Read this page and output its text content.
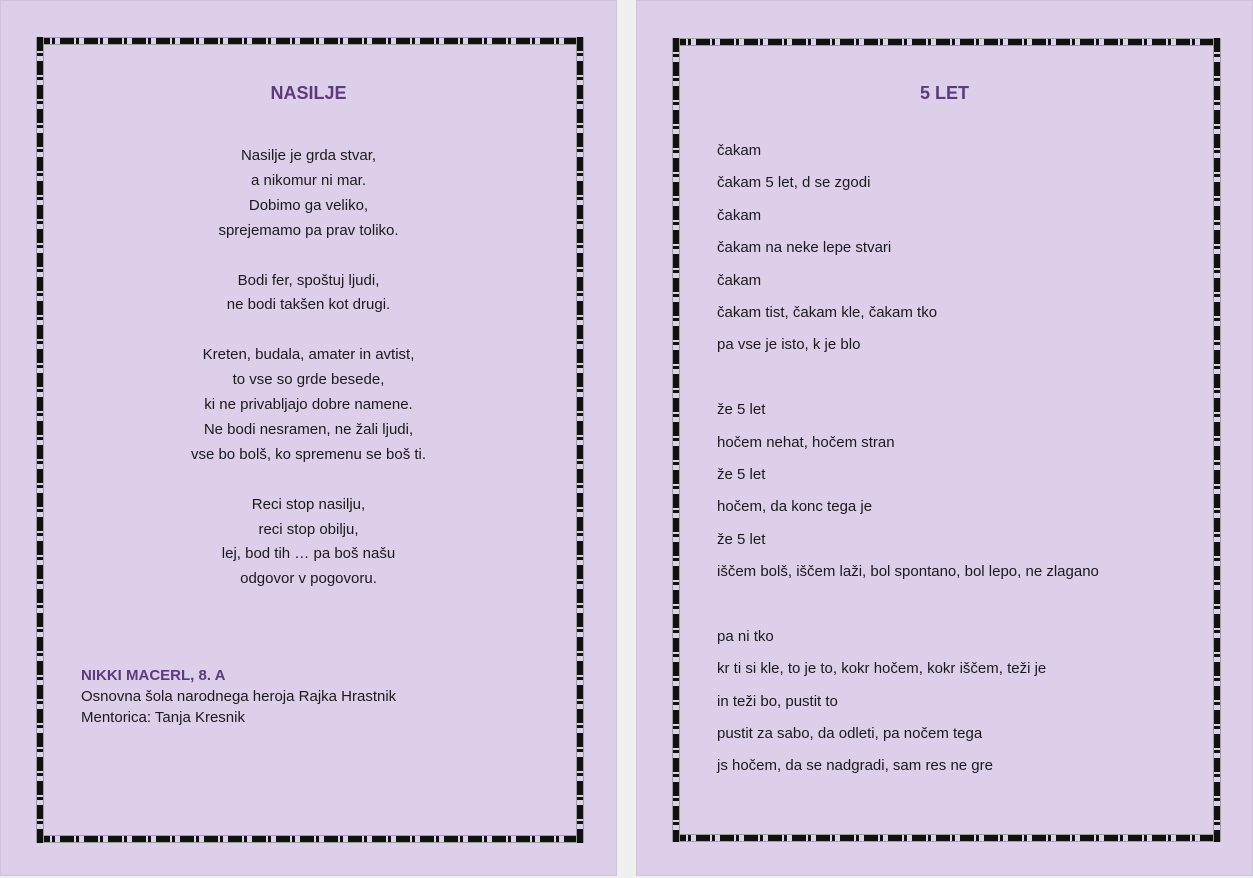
NASILJE
Nasilje je grda stvar,
a nikomur ni mar.
Dobimo ga veliko,
sprejemamo pa prav toliko.
Bodi fer, spoštuj ljudi,
ne bodi takšen kot drugi.
Kreten, budala, amater in avtist,
to vse so grde besede,
ki ne privabljajo dobre namene.
Ne bodi nesramen, ne žali ljudi,
vse bo bolš, ko spremenu se boš ti.
Reci stop nasilju,
reci stop obilju,
lej, bod tih … pa boš našu
odgovor v pogovoru.
NIKKI MACERL, 8. A
Osnovna šola narodnega heroja Rajka Hrastnik
Mentorica: Tanja Kresnik
5 LET
čakam
čakam 5 let, d se zgodi
čakam
čakam na neke lepe stvari
čakam
čakam tist, čakam kle, čakam tko
pa vse je isto, k je blo
že 5 let
hočem nehat, hočem stran
že 5 let
hočem, da konc tega je
že 5 let
iščem bolš, iščem laži, bol spontano, bol lepo, ne zlagano
pa ni tko
kr ti si kle, to je to, kokr hočem, kokr iščem, teži je
in teži bo, pustit to
pustit za sabo, da odleti, pa nočem tega
js hočem, da se nadgradi, sam res ne gre
